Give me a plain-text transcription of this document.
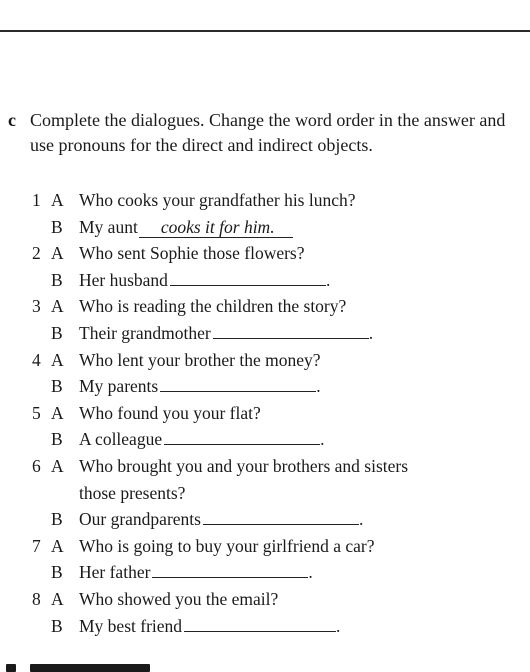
c Complete the dialogues. Change the word order in the answer and use pronouns for the direct and indirect objects.
1 A Who cooks your grandfather his lunch?
B My aunt cooks it for him.
2 A Who sent Sophie those flowers?
B Her husband	.
3 A Who is reading the children the story?
B Their grandmother	.
4 A Who lent your brother the money?
B My parents	.
5 A Who found you your flat?
B A colleague	.
6 A Who brought you and your brothers and sisters
those presents?
B Our grandparents	.
7 A Who is going to buy your girlfriend a car?
B Her father	.
8 A Who showed you the email?
B My best friend	.
